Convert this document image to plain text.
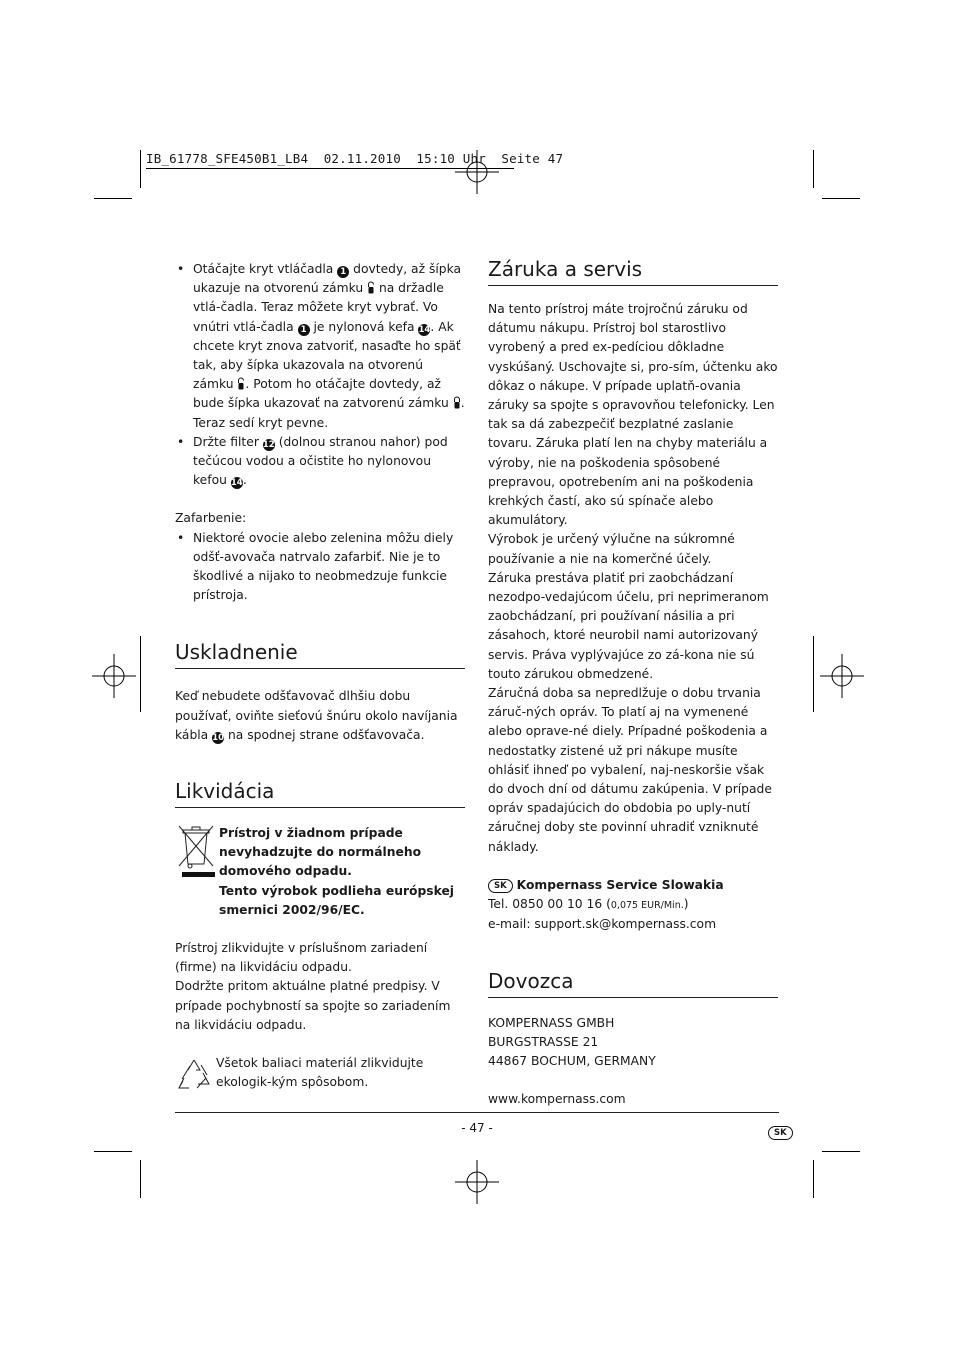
IB_61778_SFE450B1_LB4  02.11.2010  15:10 Uhr  Seite 47
• Otáčajte kryt vtláčadla 1 dovtedy, až šípka ukazuje na otvorenú zámku  na držadle vtlá-čadla. Teraz môžete kryt vybrať. Vo vnútri vtlá-čadla 1 je nylonová kefa 14. Ak chcete kryt znova zatvoriť, nasaďte ho späť tak, aby šípka ukazovala na otvorenú zámku . Potom ho otáčajte dovtedy, až bude šípka ukazovať na zatvorenú zámku . Teraz sedí kryt pevne.
• Držte filter 12 (dolnou stranou nahor) pod tečúcou vodou a očistite ho nylonovou kefou 14.

Zafarbenie:

• Niektoré ovocie alebo zelenina môžu diely odšť-avovača natrvalo zafarbiť. Nie je to škodlivé a nijako to neobmedzuje funkcie prístroja.
Uskladnenie

Keď nebudete odšťavovač dlhšiu dobu používať, oviňte sieťovú šnúru okolo navíjania kábla 10 na spodnej strane odšťavovača.

Likvidácia

Prístroj v žiadnom prípade nevyhadzujte do normálneho domového odpadu.

Tento výrobok podlieha európskej smernici 2002/96/EC.

Prístroj zlikvidujte v príslušnom zariadení (firme) na likvidáciu odpadu.

Dodržte pritom aktuálne platné predpisy. V prípade pochybností sa spojte so zariadením na likvidáciu odpadu.

Všetok baliaci materiál zlikvidujte ekologik-kým spôsobom.

Záruka a servis

Na tento prístroj máte trojročnú záruku od dátumu nákupu. Prístroj bol starostlivo vyrobený a pred ex-pedíciou dôkladne vyskúšaný. Uschovajte si, pro-sím, účtenku ako dôkaz o nákupe. V prípade uplatň-ovania záruky sa spojte s opravovňou telefonicky. Len tak sa dá zabezpečiť bezplatné zaslanie tovaru. Záruka platí len na chyby materiálu a výroby, nie na poškodenia spôsobené prepravou, opotrebením ani na poškodenia krehkých častí, ako sú spínače alebo akumulátory.

Výrobok je určený výlučne na súkromné používanie a nie na komerčné účely.

Záruka prestáva platiť pri zaobchádzaní nezodpo-vedajúcom účelu, pri neprimeranom zaobchádzaní, pri používaní násilia a pri zásahoch, ktoré neurobil nami autorizovaný servis. Práva vyplývajúce zo zá-kona nie sú touto zárukou obmedzené.

Záručná doba sa nepredlžuje o dobu trvania záruč-ných opráv. To platí aj na vymenené alebo oprave-né diely. Prípadné poškodenia a nedostatky zistené už pri nákupe musíte ohlásiť ihneď po vybalení, naj-neskoršie však do dvoch dní od dátumu zakúpenia. V prípade opráv spadajúcich do obdobia po uply-nutí záručnej doby ste povinní uhradiť vzniknuté náklady.

SK Kompernass Service Slowakia

Tel. 0850 00 10 16 (0,075 EUR/Min.)

e-mail: support.sk@kompernass.com

Dovozca

KOMPERNASS GMBH

BURGSTRASSE 21

44867 BOCHUM, GERMANY

www.kompernass.com

- 47 -	SK
